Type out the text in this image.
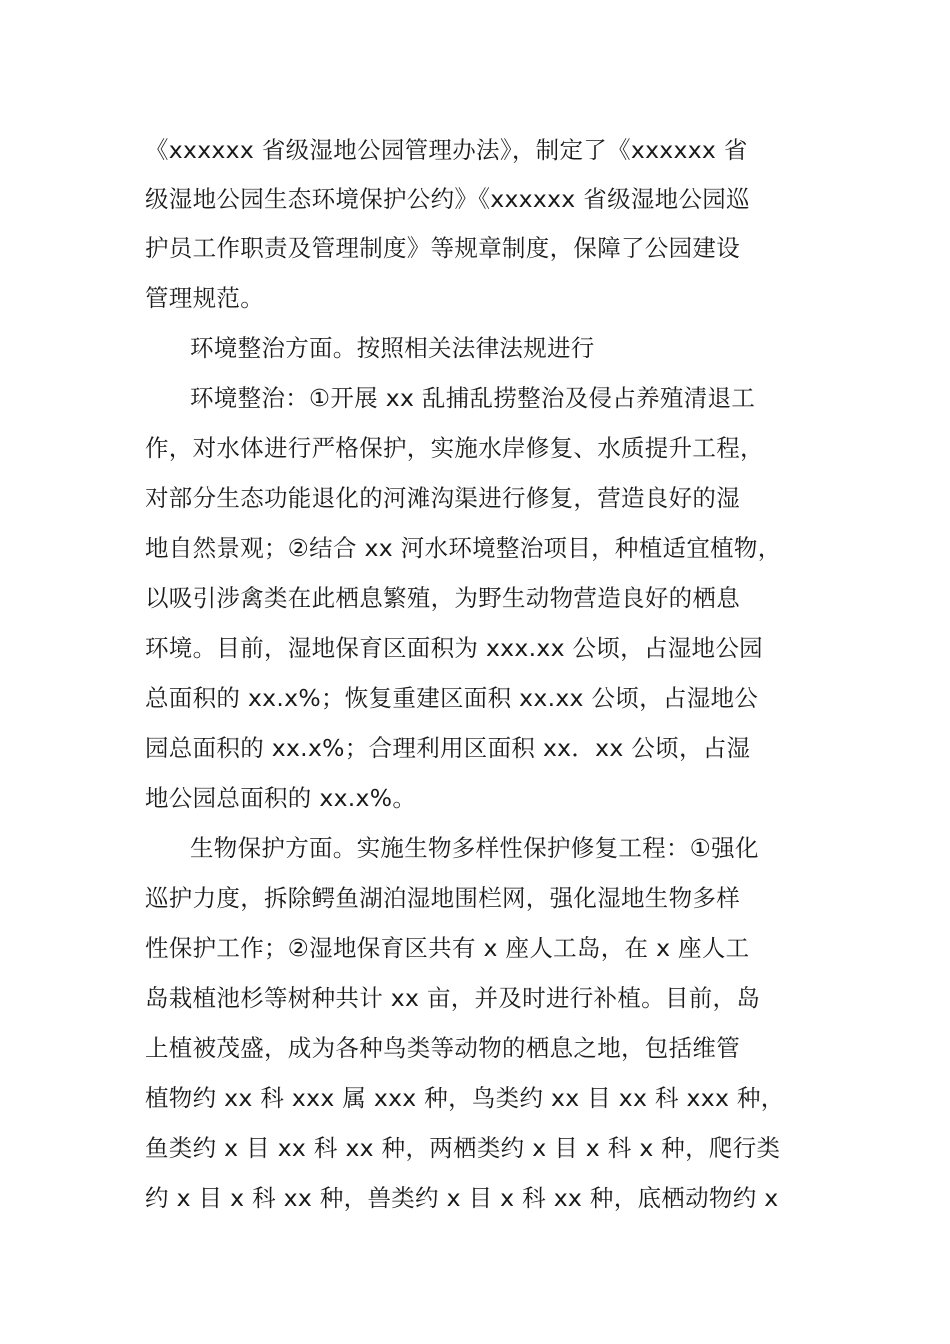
《xxxxxx 省级湿地公园管理办法》，制定了《xxxxxx 省
级湿地公园生态环境保护公约》《xxxxxx 省级湿地公园巡
护员工作职责及管理制度》等规章制度，保障了公园建设
管理规范。
环境整治方面。按照相关法律法规进行
环境整治：①开展 xx 乱捕乱捞整治及侵占养殖清退工
作，对水体进行严格保护，实施水岸修复、水质提升工程，
对部分生态功能退化的河滩沟渠进行修复，营造良好的湿
地自然景观；②结合 xx 河水环境整治项目，种植适宜植物，
以吸引涉禽类在此栖息繁殖，为野生动物营造良好的栖息
环境。目前，湿地保育区面积为 xxx.xx 公顷，占湿地公园
总面积的 xx.x%；恢复重建区面积 xx.xx 公顷，占湿地公
园总面积的 xx.x%；合理利用区面积 xx．xx 公顷，占湿
地公园总面积的 xx.x%。
生物保护方面。实施生物多样性保护修复工程：①强化
巡护力度，拆除鳄鱼湖泊湿地围栏网，强化湿地生物多样
性保护工作；②湿地保育区共有 x 座人工岛，在 x 座人工
岛栽植池杉等树种共计 xx 亩，并及时进行补植。目前，岛
上植被茂盛，成为各种鸟类等动物的栖息之地，包括维管
植物约 xx 科 xxx 属 xxx 种，鸟类约 xx 目 xx 科 xxx 种，
鱼类约 x 目 xx 科 xx 种，两栖类约 x 目 x 科 x 种，爬行类
约 x 目 x 科 xx 种，兽类约 x 目 x 科 xx 种，底栖动物约 x
